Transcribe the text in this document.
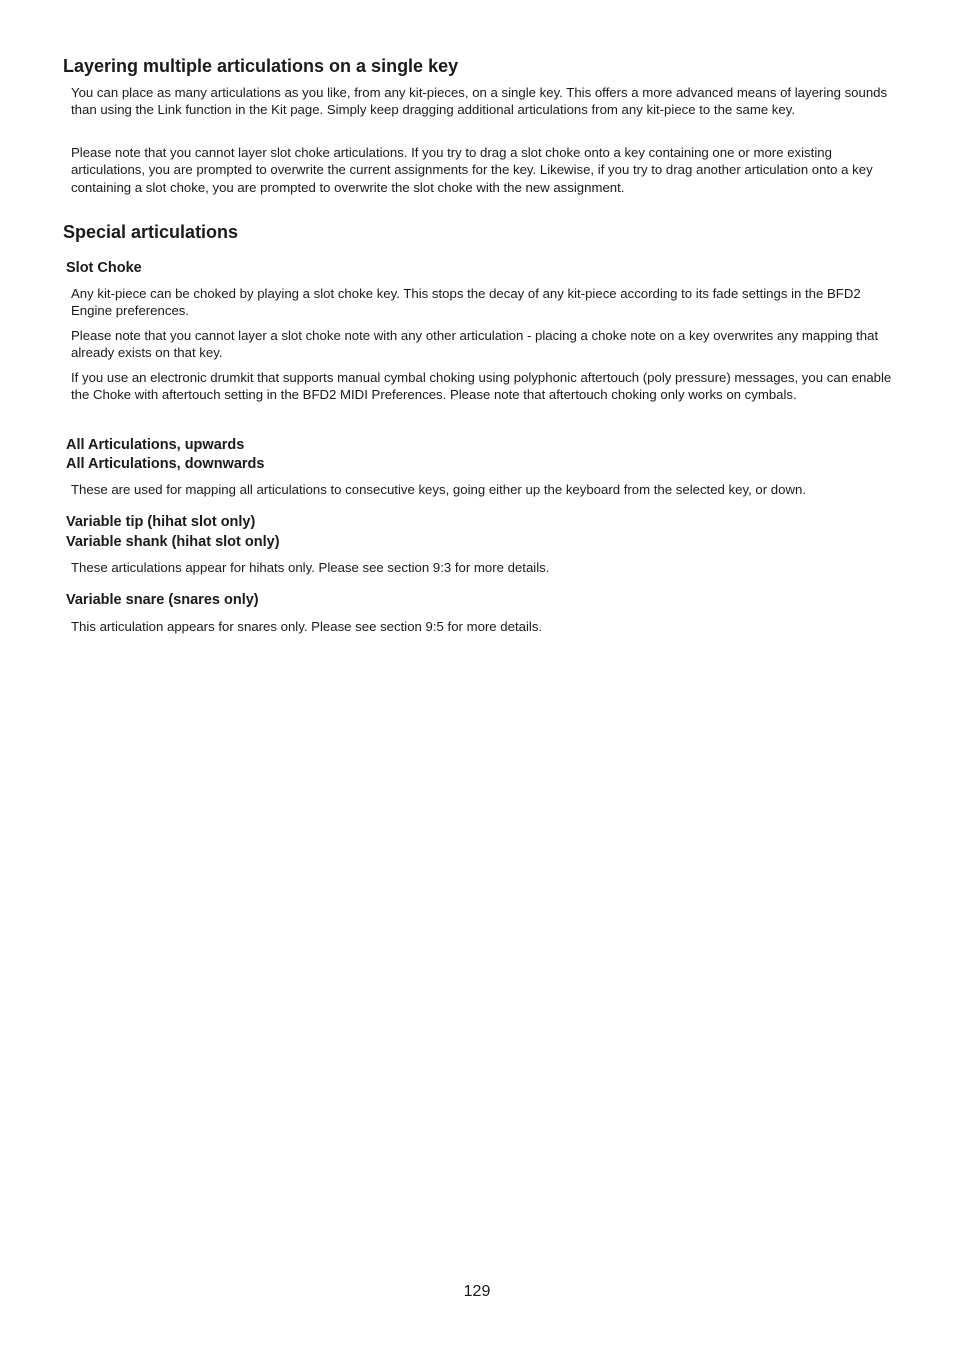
Layering multiple articulations on a single key

You can place as many articulations as you like, from any kit-pieces, on a single key. This offers a more advanced means of layering sounds than using the Link function in the Kit page. Simply keep dragging additional articulations from any kit-piece to the same key.

Please note that you cannot layer slot choke articulations. If you try to drag a slot choke onto a key containing one or more existing articulations, you are prompted to overwrite the current assignments for the key. Likewise, if you try to drag another articulation onto a key containing a slot choke, you are prompted to overwrite the slot choke with the new assignment.

Special articulations
Slot Choke

Any kit-piece can be choked by playing a slot choke key. This stops the decay of any kit-piece according to its fade settings in the BFD2 Engine preferences.

Please note that you cannot layer a slot choke note with any other articulation - placing a choke note on a key overwrites any mapping that already exists on that key.

If you use an electronic drumkit that supports manual cymbal choking using polyphonic aftertouch (poly pressure) messages, you can enable the Choke with aftertouch setting in the BFD2 MIDI Preferences. Please note that aftertouch choking only works on cymbals.

All Articulations, upwards
All Articulations, downwards

These are used for mapping all articulations to consecutive keys, going either up the keyboard from the selected key, or down.

Variable tip (hihat slot only)
Variable shank (hihat slot only)

These articulations appear for hihats only. Please see section 9:3 for more details.

Variable snare (snares only)

This articulation appears for snares only. Please see section 9:5 for more details.

129
